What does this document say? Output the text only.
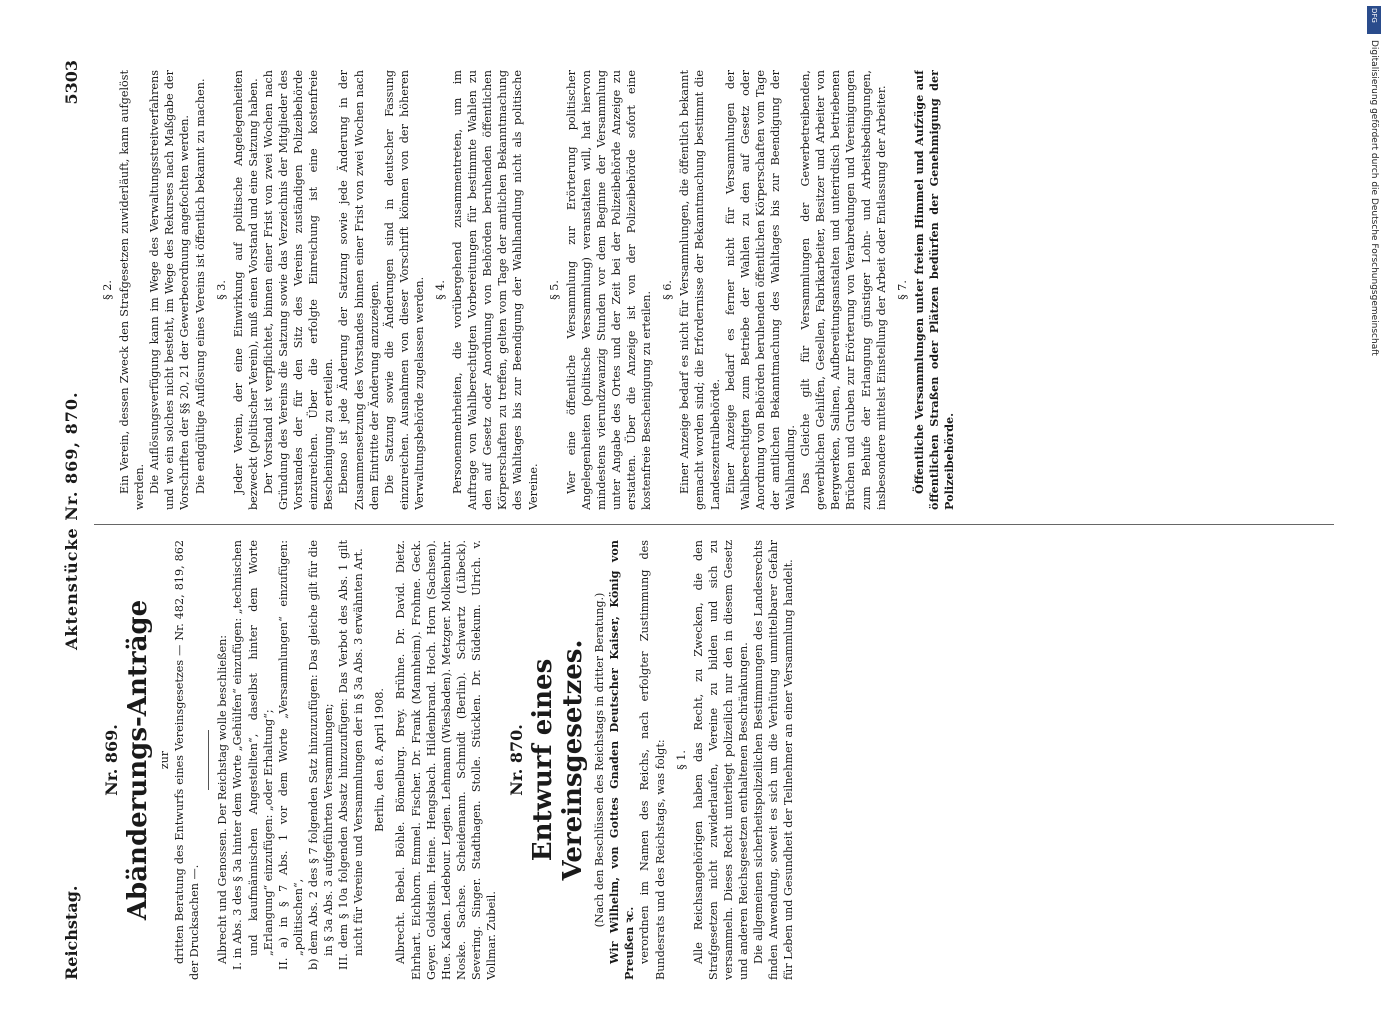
Reichstag.
Aktenstücke Nr. 869, 870.
5303
Nr. 869. Abänderungs-Anträge zur dritten Beratung des Entwurfs eines Vereinsgesetzes — Nr. 482, 819, 862 der Drucksachen —. Albrecht und Genossen. Der Reichstag wolle beschließen: I. in Abs. 3 des § 3a hinter dem Worte „Gehülfen“ einzufügen: „technischen und kaufmännischen Angestellten“, daselbst hinter dem Worte „Erlangung“ einzufügen: „oder Erhaltung“; II. a) in § 7 Abs. 1 vor dem Worte „Versammlungen“ einzufügen: „politischen“, b) dem Abs. 2 des § 7 folgenden Satz hinzuzufügen: Das gleiche gilt für die in § 3a Abs. 3 aufgeführten Versammlungen; III. dem § 10a folgenden Absatz hinzuzufügen: Das Verbot des Abs. 1 gilt nicht für Vereine und Versammlungen der in § 3a Abs. 3 erwähnten Art. Berlin, den 8. April 1908. Albrecht. Bebel. Böhle. Bömelburg. Brey. Brühne. Dr. David. Dietz. Ehrhart. Eichhorn. Emmel. Fischer. Dr. Frank (Mannheim). Frohme. Geck. Geyer. Goldstein. Heine. Hengsbach. Hildenbrand. Hoch. Horn (Sachsen). Hue. Kaden. Ledebour. Legien. Lehmann (Wiesbaden). Metzger. Molkenbuhr. Noske. Sachse. Scheidemann. Schmidt (Berlin). Schwartz (Lübeck). Severing. Singer. Stadthagen. Stolle. Stücklen. Dr. Südekum. Ulrich. v. Vollmar. Zubeil.

Nr. 870. Entwurf eines Vereinsgesetzes. (Nach den Beschlüssen des Reichstags in dritter Beratung.) Wir Wilhelm, von Gottes Gnaden Deutscher Kaiser, König von Preußen ꝛc. verordnen im Namen des Reichs, nach erfolgter Zustimmung des Bundesrats und des Reichstags, was folgt: § 1. Alle Reichsangehörigen haben das Recht, zu Zwecken, die den Strafgesetzen nicht zuwiderlaufen, Vereine zu bilden und sich zu versammeln. Dieses Recht unterliegt polizeilich nur den in diesem Gesetz und anderen Reichsgesetzen enthaltenen Beschränkungen. Die allgemeinen sicherheitspolizeilichen Bestimmungen des Landesrechts finden Anwendung, soweit es sich um die Verhütung unmittelbarer Gefahr für Leben und Gesundheit der Teilnehmer an einer Versammlung handelt.

§ 2. Ein Verein, dessen Zweck den Strafgesetzen zuwiderläuft, kann aufgelöst werden. Die Auflösungsverfügung kann im Wege des Verwaltungsstreitverfahrens und wo ein solches nicht besteht, im Wege des Rekurses nach Maßgabe der Vorschriften der §§ 20, 21 der Gewerbeordnung angefochten werden. Die endgültige Auflösung eines Vereins ist öffentlich bekannt zu machen. § 3. Jeder Verein, der eine Einwirkung auf politische Angelegenheiten bezweckt (politischer Verein), muß einen Vorstand und eine Satzung haben. Der Vorstand ist verpflichtet, binnen einer Frist von zwei Wochen nach Gründung des Vereins die Satzung sowie das Verzeichnis der Mitglieder des Vorstandes der für den Sitz des Vereins zuständigen Polizeibehörde einzureichen. Über die erfolgte Einreichung ist eine kostenfreie Bescheinigung zu erteilen. Ebenso ist jede Änderung der Satzung sowie jede Änderung in der Zusammensetzung des Vorstandes binnen einer Frist von zwei Wochen nach dem Eintritte der Änderung anzuzeigen. Die Satzung sowie die Änderungen sind in deutscher Fassung einzureichen. Ausnahmen von dieser Vorschrift können von der höheren Verwaltungsbehörde zugelassen werden. § 4. Personenmehrheiten, die vorübergehend zusammentreten, um im Auftrage von Wahlberechtigten Vorbereitungen für bestimmte Wahlen zu den auf Gesetz oder Anordnung von Behörden beruhenden öffentlichen Körperschaften zu treffen, gelten vom Tage der amtlichen Bekanntmachung des Wahltages bis zur Beendigung der Wahlhandlung nicht als politische Vereine.

§ 5. Wer eine öffentliche Versammlung zur Erörterung politischer Angelegenheiten (politische Versammlung) veranstalten will, hat hiervon mindestens vierundzwanzig Stunden vor dem Beginne der Versammlung unter Angabe des Ortes und der Zeit bei der Polizeibehörde Anzeige zu erstatten. Über die Anzeige ist von der Polizeibehörde sofort eine kostenfreie Bescheinigung zu erteilen.

§ 6. Einer Anzeige bedarf es nicht für Versammlungen, die öffentlich bekannt gemacht worden sind; die Erfordernisse der Bekanntmachung bestimmt die Landeszentralbehörde. Einer Anzeige bedarf es ferner nicht für Versammlungen der Wahlberechtigten zum Betriebe der Wahlen zu den auf Gesetz oder Anordnung von Behörden beruhenden öffentlichen Körperschaften vom Tage der amtlichen Bekanntmachung des Wahltages bis zur Beendigung der Wahlhandlung. Das Gleiche gilt für Versammlungen der Gewerbetreibenden, gewerblichen Gehilfen, Gesellen, Fabrikarbeiter, Besitzer und Arbeiter von Bergwerken, Salinen, Aufbereitungsanstalten und unterirdisch betriebenen Brüchen und Gruben zur Erörterung von Verabredungen und Vereinigungen zum Behufe der Erlangung günstiger Lohn- und Arbeitsbedingungen, insbesondere mittelst Einstellung der Arbeit oder Entlassung der Arbeiter. § 7. Öffentliche Versammlungen unter freiem Himmel und Aufzüge auf öffentlichen Straßen oder Plätzen bedürfen der Genehmigung der Polizeibehörde.

DFG
Digitalisierung gefördert durch die Deutsche Forschungsgemeinschaft
